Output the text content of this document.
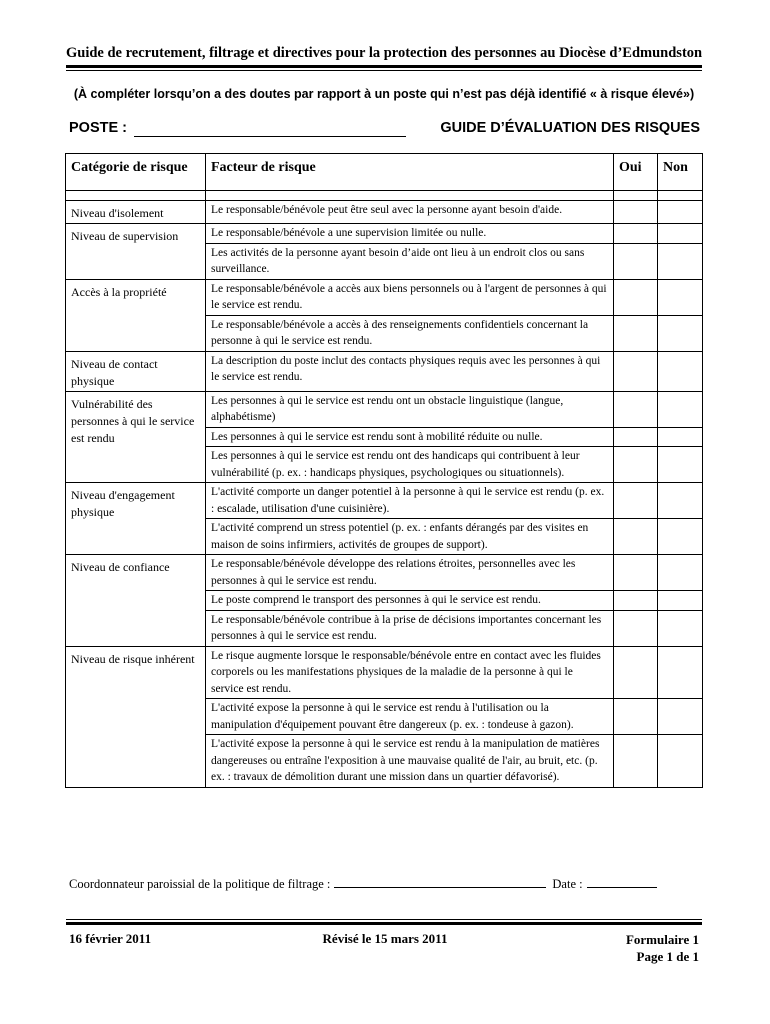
Guide de recrutement, filtrage et directives pour la protection des personnes au Diocèse d’Edmundston
(À compléter lorsqu’on a des doutes par rapport à un poste qui n’est pas déjà identifié « à risque élevé»)
POSTE :	GUIDE D’ÉVALUATION DES RISQUES
Catégorie de risque	Facteur de risque	Oui	Non

Niveau d'isolement	Le responsable/bénévole peut être seul avec la personne ayant besoin d'aide.		
Niveau de supervision	Le responsable/bénévole a une supervision limitée ou nulle.		
	Les activités de la personne ayant besoin d’aide ont lieu à un endroit clos ou sans surveillance.		
Accès à la propriété	Le responsable/bénévole a accès aux biens personnels ou à l'argent de personnes à qui le service est rendu.		
	Le responsable/bénévole a accès à des renseignements confidentiels concernant la personne à qui le service est rendu.		
Niveau de contact physique	La description du poste inclut des contacts physiques requis avec les personnes à qui le service est rendu.		
Vulnérabilité des personnes à qui le service est rendu	Les personnes à qui le service est rendu ont un obstacle linguistique (langue, alphabétisme)		
	Les personnes à qui le service est rendu sont à mobilité réduite ou nulle.		
	Les personnes à qui le service est rendu ont des handicaps qui contribuent à leur vulnérabilité (p. ex. : handicaps physiques, psychologiques ou situationnels).		
Niveau d'engagement physique	L'activité comporte un danger potentiel à la personne à qui le service est rendu (p. ex. : escalade, utilisation d'une cuisinière).		
	L'activité comprend un stress potentiel (p. ex. : enfants dérangés par des visites en maison de soins infirmiers, activités de groupes de support).		
Niveau de confiance	Le responsable/bénévole développe des relations étroites, personnelles avec les personnes à qui le service est rendu.		
	Le poste comprend le transport des personnes à qui le service est rendu.		
	Le responsable/bénévole contribue à la prise de décisions importantes concernant les personnes à qui le service est rendu.		
Niveau de risque inhérent	Le risque augmente lorsque le responsable/bénévole entre en contact avec les fluides corporels ou les manifestations physiques de la maladie de la personne à qui le service est rendu.		
	L'activité expose la personne à qui le service est rendu à l'utilisation ou la manipulation d'équipement pouvant être dangereux (p. ex. : tondeuse à gazon).		
	L'activité expose la personne à qui le service est rendu à la manipulation de matières dangereuses ou entraîne l'exposition à une mauvaise qualité de l'air, au bruit, etc. (p. ex. : travaux de démolition durant une mission dans un quartier défavorisé).		
Coordonnateur paroissial de la politique de filtrage :	Date :
16 février 2011	Révisé le 15 mars 2011	Formulaire 1
Page 1 de 1
